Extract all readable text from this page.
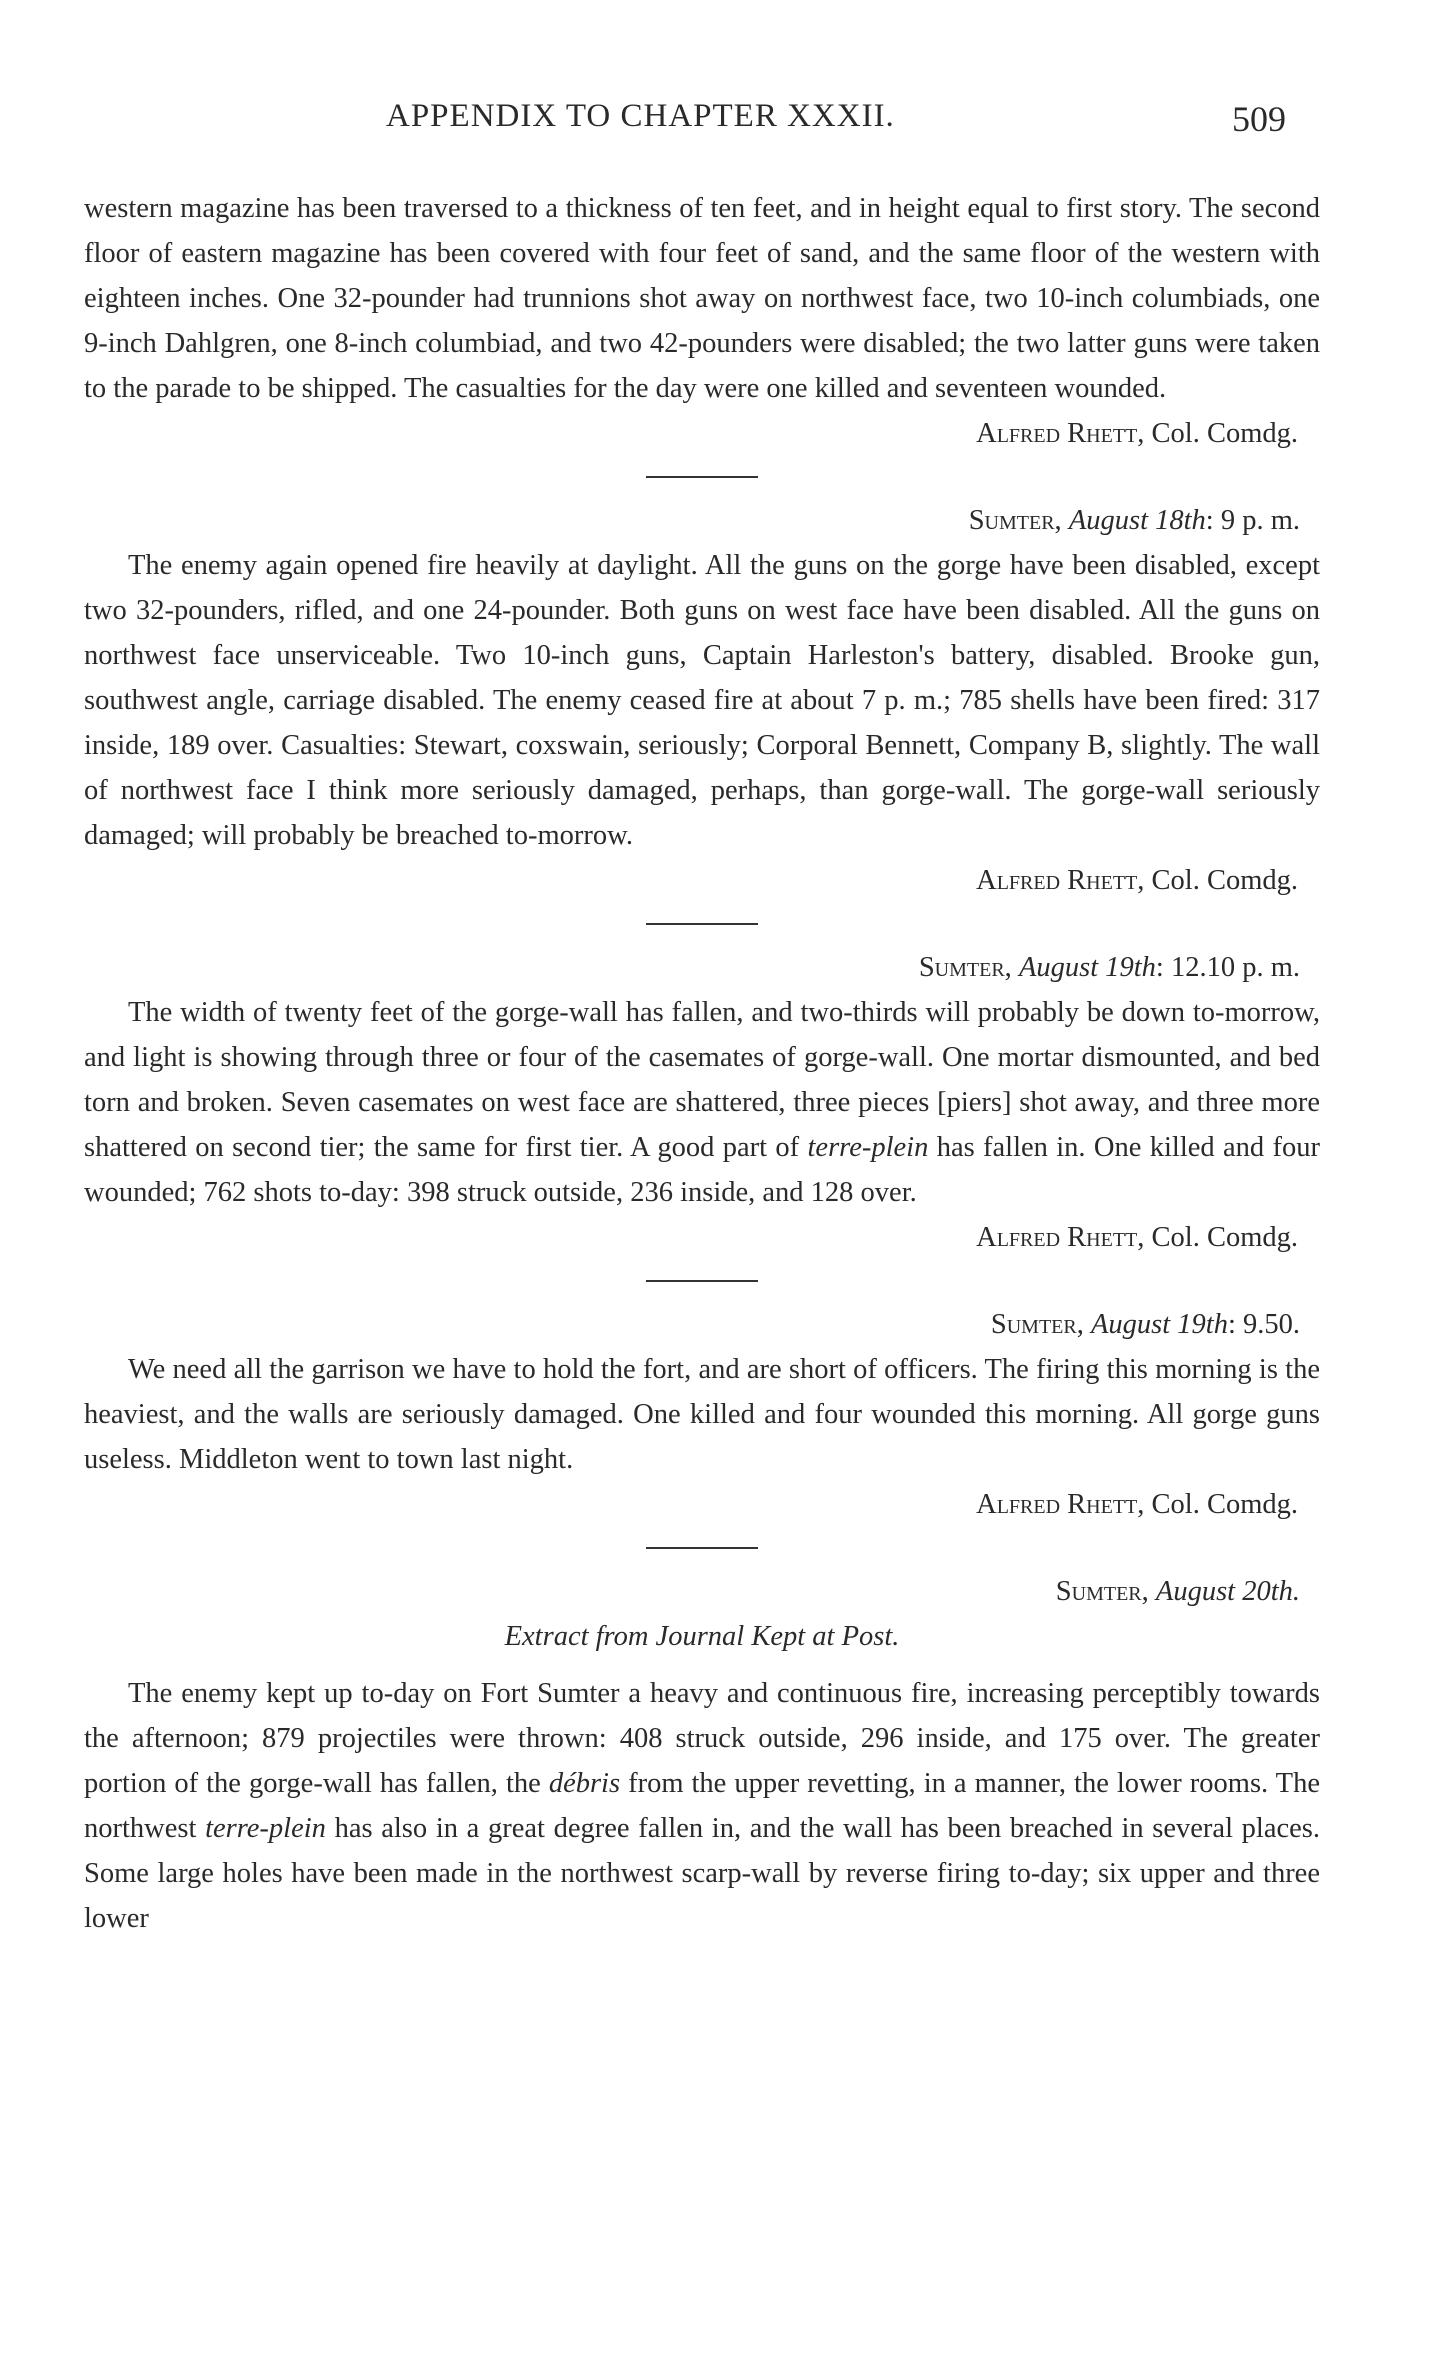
APPENDIX TO CHAPTER XXXII.	509

western magazine has been traversed to a thickness of ten feet, and in height equal to first story. The second floor of eastern magazine has been covered with four feet of sand, and the same floor of the western with eighteen inches. One 32-pounder had trunnions shot away on northwest face, two 10-inch columbiads, one 9-inch Dahlgren, one 8-inch columbiad, and two 42-pounders were disabled; the two latter guns were taken to the parade to be shipped. The casualties for the day were one killed and seventeen wounded.

Alfred Rhett, Col. Comdg.

Sumter, August 18th: 9 p. m.

The enemy again opened fire heavily at daylight. All the guns on the gorge have been disabled, except two 32-pounders, rifled, and one 24-pounder. Both guns on west face have been disabled. All the guns on northwest face unserviceable. Two 10-inch guns, Captain Harleston's battery, disabled. Brooke gun, southwest angle, carriage disabled. The enemy ceased fire at about 7 p. m.; 785 shells have been fired: 317 inside, 189 over. Casualties: Stewart, coxswain, seriously; Corporal Bennett, Company B, slightly. The wall of northwest face I think more seriously damaged, perhaps, than gorge-wall. The gorge-wall seriously damaged; will probably be breached to-morrow.

Alfred Rhett, Col. Comdg.

Sumter, August 19th: 12.10 p. m.

The width of twenty feet of the gorge-wall has fallen, and two-thirds will probably be down to-morrow, and light is showing through three or four of the casemates of gorge-wall. One mortar dismounted, and bed torn and broken. Seven casemates on west face are shattered, three pieces [piers] shot away, and three more shattered on second tier; the same for first tier. A good part of terre-plein has fallen in. One killed and four wounded; 762 shots to-day: 398 struck outside, 236 inside, and 128 over.

Alfred Rhett, Col. Comdg.

Sumter, August 19th: 9.50.

We need all the garrison we have to hold the fort, and are short of officers. The firing this morning is the heaviest, and the walls are seriously damaged. One killed and four wounded this morning. All gorge guns useless. Middleton went to town last night.

Alfred Rhett, Col. Comdg.

Sumter, August 20th.

Extract from Journal Kept at Post.

The enemy kept up to-day on Fort Sumter a heavy and continuous fire, increasing perceptibly towards the afternoon; 879 projectiles were thrown: 408 struck outside, 296 inside, and 175 over. The greater portion of the gorge-wall has fallen, the débris from the upper revetting, in a manner, the lower rooms. The northwest terre-plein has also in a great degree fallen in, and the wall has been breached in several places. Some large holes have been made in the northwest scarp-wall by reverse firing to-day; six upper and three lower
